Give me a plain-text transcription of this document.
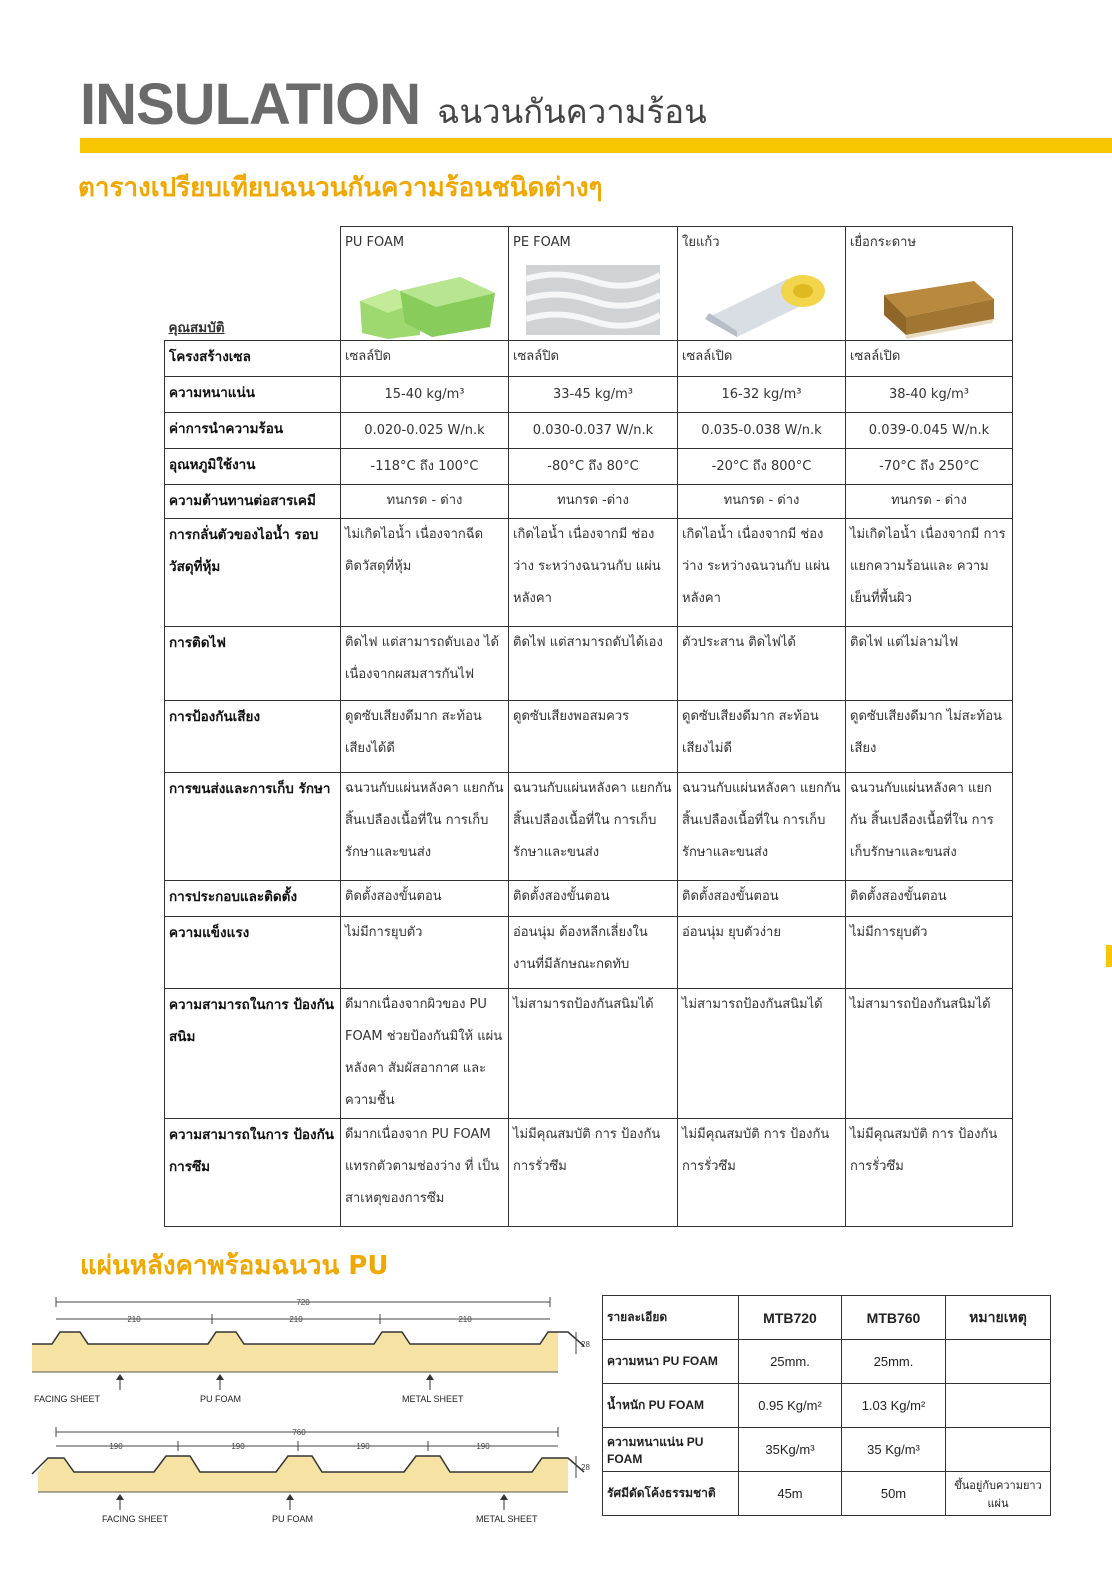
INSULATION ฉนวนกันความร้อน
ตารางเปรียบเทียบฉนวนกันความร้อนชนิดต่างๆ
คุณสมบัติ	PU FOAM	PE FOAM	ใยแก้ว	เยื่อกระดาษ

โครงสร้างเซล	เซลล์ปิด	เซลล์ปิด	เซลล์เปิด	เซลล์เปิด
ความหนาแน่น	15-40 kg/m³	33-45 kg/m³	16-32 kg/m³	38-40 kg/m³
ค่าการนำความร้อน	0.020-0.025 W/n.k	0.030-0.037 W/n.k	0.035-0.038 W/n.k	0.039-0.045 W/n.k
อุณหภูมิใช้งาน	-118°C ถึง 100°C	-80°C ถึง 80°C	-20°C ถึง 800°C	-70°C ถึง 250°C
ความต้านทานต่อสารเคมี	ทนกรด - ด่าง	ทนกรด -ด่าง	ทนกรด - ด่าง	ทนกรด - ด่าง
การกลั่นตัวของไอน้ำ รอบวัสดุที่หุ้ม	ไม่เกิดไอน้ำ เนื่องจากฉีด ติดวัสดุที่หุ้ม	เกิดไอน้ำ เนื่องจากมี ช่องว่าง ระหว่างฉนวนกับ แผ่นหลังคา	เกิดไอน้ำ เนื่องจากมี ช่องว่าง ระหว่างฉนวนกับ แผ่นหลังคา	ไม่เกิดไอน้ำ เนื่องจากมี การแยกความร้อนและ ความเย็นที่พื้นผิว
การติดไฟ	ติดไฟ แต่สามารถดับเอง ได้ เนื่องจากผสมสารกันไฟ	ติดไฟ แต่สามารถดับได้เอง	ตัวประสาน ติดไฟได้	ติดไฟ แต่ไม่ลามไฟ
การป้องกันเสียง	ดูดซับเสียงดีมาก สะท้อน เสียงได้ดี	ดูดซับเสียงพอสมควร	ดูดซับเสียงดีมาก สะท้อน เสียงไม่ดี	ดูดซับเสียงดีมาก ไม่สะท้อนเสียง
การขนส่งและการเก็บ รักษา	ฉนวนกับแผ่นหลังคา แยกกัน สิ้นเปลืองเนื้อที่ใน การเก็บรักษาและขนส่ง	ฉนวนกับแผ่นหลังคา แยกกัน สิ้นเปลืองเนื้อที่ใน การเก็บรักษาและขนส่ง	ฉนวนกับแผ่นหลังคา แยกกัน สิ้นเปลืองเนื้อที่ใน การเก็บรักษาและขนส่ง	ฉนวนกับแผ่นหลังคา แยกกัน สิ้นเปลืองเนื้อที่ใน การเก็บรักษาและขนส่ง
การประกอบและติดตั้ง	ติดตั้งสองขั้นตอน	ติดตั้งสองขั้นตอน	ติดตั้งสองขั้นตอน	ติดตั้งสองขั้นตอน
ความแข็งแรง	ไม่มีการยุบตัว	อ่อนนุ่ม ต้องหลีกเลี่ยงใน งานที่มีลักษณะกดทับ	อ่อนนุ่ม ยุบตัวง่าย	ไม่มีการยุบตัว
ความสามารถในการ ป้องกันสนิม	ดีมากเนื่องจากผิวของ PU FOAM ช่วยป้องกันมิให้ แผ่นหลังคา สัมผัสอากาศ และความชื้น	ไม่สามารถป้องกันสนิมได้	ไม่สามารถป้องกันสนิมได้	ไม่สามารถป้องกันสนิมได้
ความสามารถในการ ป้องกันการซึม	ดีมากเนื่องจาก PU FOAM แทรกตัวตามช่องว่าง ที่ เป็นสาเหตุของการซึม	ไม่มีคุณสมบัติ การ ป้องกันการรั่วซึม	ไม่มีคุณสมบัติ การ ป้องกันการรั่วซึม	ไม่มีคุณสมบัติ การ ป้องกันการรั่วซึม
แผ่นหลังคาพร้อมฉนวน PU
720
210	210	210
28
FACING SHEET	PU FOAM	METAL SHEET
760
190	190	190	190
28
FACING SHEET	PU FOAM	METAL SHEET
รายละเอียด	MTB720	MTB760	หมายเหตุ
ความหนา PU FOAM	25mm.	25mm.	
น้ำหนัก PU FOAM	0.95 Kg/m²	1.03 Kg/m²	
ความหนาแน่น PU FOAM	35Kg/m³	35 Kg/m³	
รัศมีดัดโค้งธรรมชาติ	45m	50m	ขึ้นอยู่กับความยาวแผ่น
